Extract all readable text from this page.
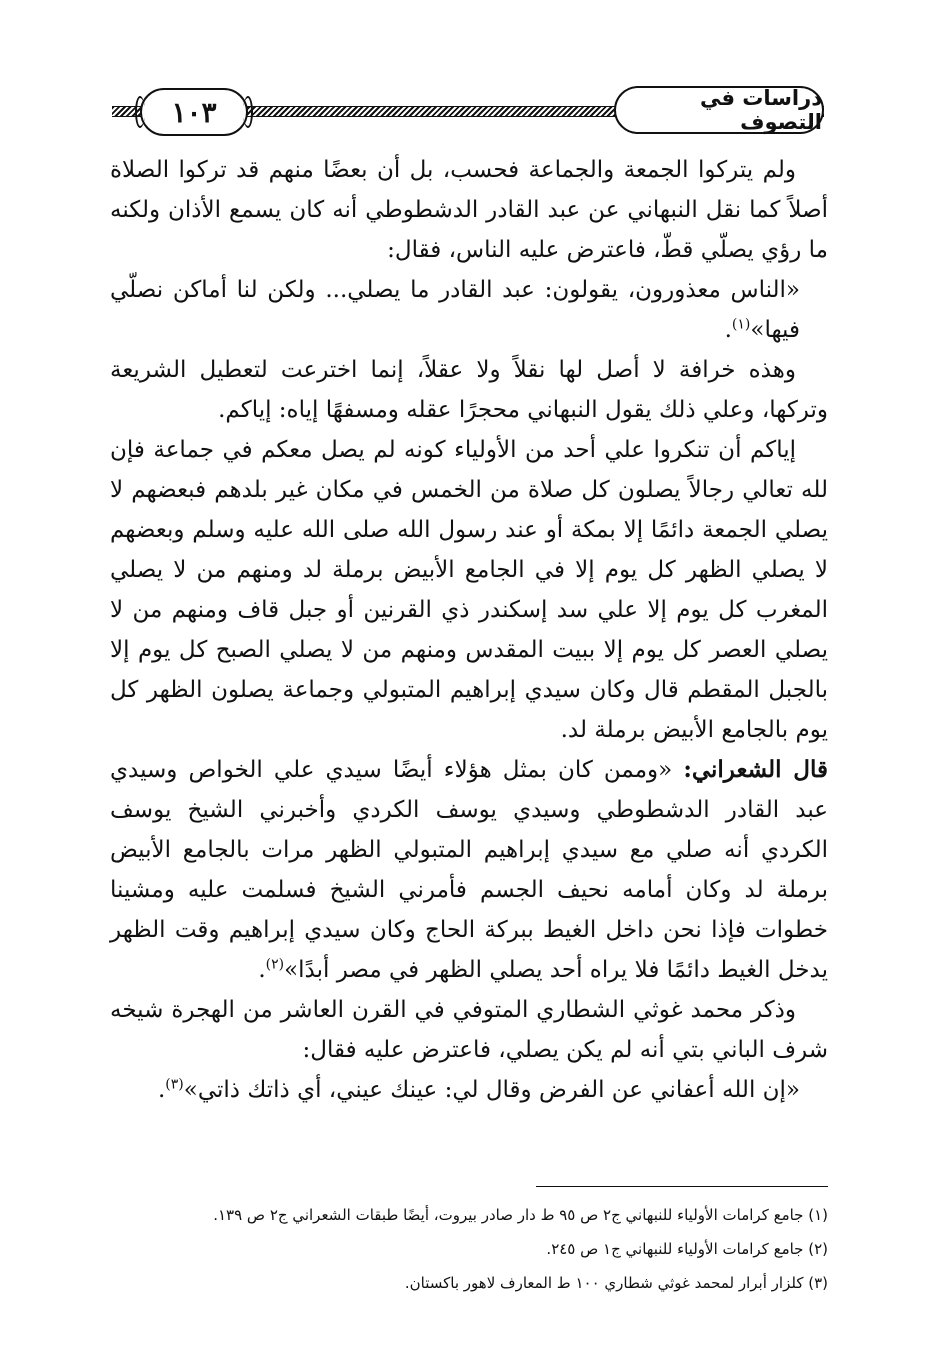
١٠٣	دراسات في التصوف

ولم يتركوا الجمعة والجماعة فحسب، بل أن بعضًا منهم قد تركوا الصلاة أصلاً كما نقل النبهاني عن عبد القادر الدشطوطي أنه كان يسمع الأذان ولكنه ما رؤي يصلّي قطّ، فاعترض عليه الناس، فقال:

«الناس معذورون، يقولون: عبد القادر ما يصلي... ولكن لنا أماكن نصلّي فيها»$^{(١)}$.

وهذه خرافة لا أصل لها نقلاً ولا عقلاً، إنما اخترعت لتعطيل الشريعة وتركها، وعلي ذلك يقول النبهاني محجرًا عقله ومسفهًا إياه: إياكم.

إياكم أن تنكروا علي أحد من الأولياء كونه لم يصل معكم في جماعة فإن لله تعالي رجالاً يصلون كل صلاة من الخمس في مكان غير بلدهم فبعضهم لا يصلي الجمعة دائمًا إلا بمكة أو عند رسول الله صلى الله عليه وسلم وبعضهم لا يصلي الظهر كل يوم إلا في الجامع الأبيض برملة لد ومنهم من لا يصلي المغرب كل يوم إلا علي سد إسكندر ذي القرنين أو جبل قاف ومنهم من لا يصلي العصر كل يوم إلا ببيت المقدس ومنهم من لا يصلي الصبح كل يوم إلا بالجبل المقطم قال وكان سيدي إبراهيم المتبولي وجماعة يصلون الظهر كل يوم بالجامع الأبيض برملة لد.

قال الشعراني: «وممن كان بمثل هؤلاء أيضًا سيدي علي الخواص وسيدي عبد القادر الدشطوطي وسيدي يوسف الكردي وأخبرني الشيخ يوسف الكردي أنه صلي مع سيدي إبراهيم المتبولي الظهر مرات بالجامع الأبيض برملة لد وكان أمامه نحيف الجسم فأمرني الشيخ فسلمت عليه ومشينا خطوات فإذا نحن داخل الغيط ببركة الحاج وكان سيدي إبراهيم وقت الظهر يدخل الغيط دائمًا فلا يراه أحد يصلي الظهر في مصر أبدًا»$^{(٢)}$.

وذكر محمد غوثي الشطاري المتوفي في القرن العاشر من الهجرة شيخه شرف الباني بتي أنه لم يكن يصلي، فاعترض عليه فقال:

«إن الله أعفاني عن الفرض وقال لي: عينك عيني، أي ذاتك ذاتي»$^{(٣)}$.

(١) جامع كرامات الأولياء للنبهاني ج٢ ص ٩٥ ط دار صادر بيروت، أيضًا طبقات الشعراني ج٢ ص ١٣٩.
(٢) جامع كرامات الأولياء للنبهاني ج١ ص ٢٤٥.
(٣) كلزار أبرار لمحمد غوثي شطاري ١٠٠ ط المعارف لاهور باكستان.
